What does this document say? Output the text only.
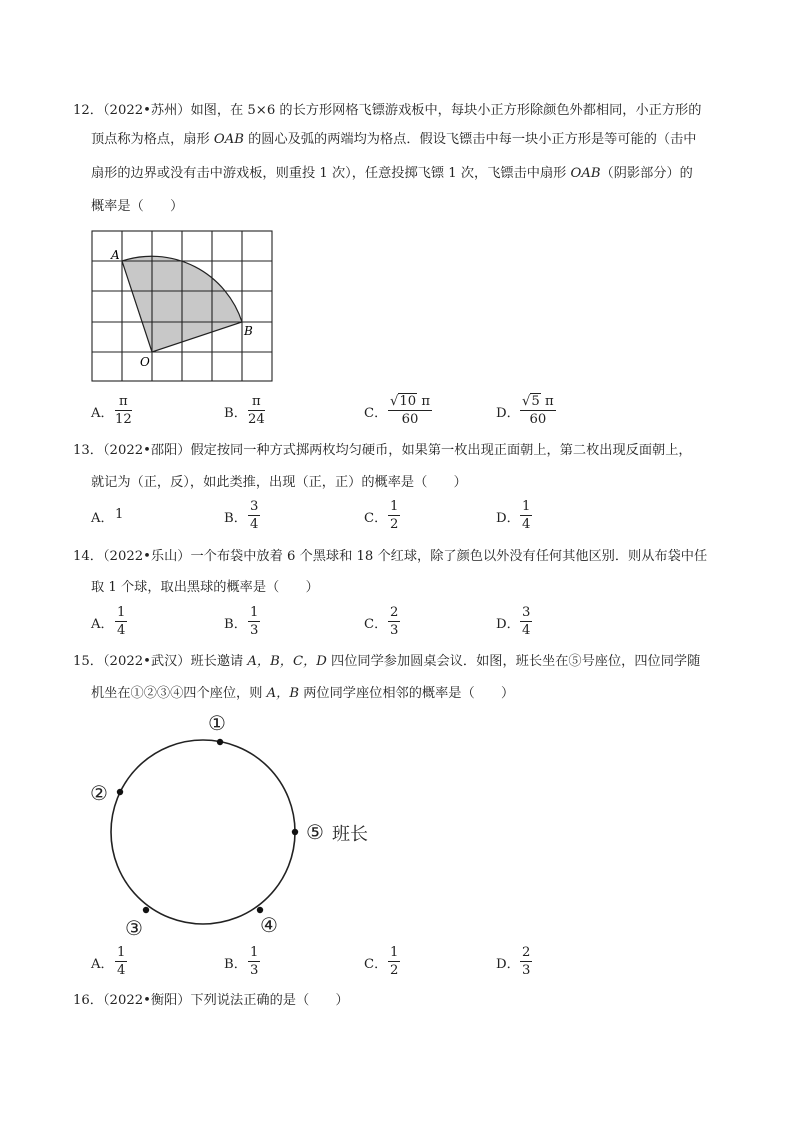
12．（2022•苏州）如图，在 5×6 的长方形网格飞镖游戏板中，每块小正方形除颜色外都相同，小正方形的
顶点称为格点，扇形 OAB 的圆心及弧的两端均为格点．假设飞镖击中每一块小正方形是等可能的（击中
扇形的边界或没有击中游戏板，则重投 1 次），任意投掷飞镖 1 次，飞镖击中扇形 OAB（阴影部分）的
概率是（　　）
A
B
O
A． $\frac{\pi}{12}$	B． $\frac{\pi}{24}$	C． $\frac{√10 \pi}{60}$	D． $\frac{√5 \pi}{60}$
13．（2022•邵阳）假定按同一种方式掷两枚均匀硬币，如果第一枚出现正面朝上，第二枚出现反面朝上，
就记为（正，反），如此类推，出现（正，正）的概率是（　　）
A． 1	B． $\frac{3}{4}$	C． $\frac{1}{2}$	D． $\frac{1}{4}$
14．（2022•乐山）一个布袋中放着 6 个黑球和 18 个红球，除了颜色以外没有任何其他区别．则从布袋中任
取 1 个球，取出黑球的概率是（　　）
A． $\frac{1}{4}$	B． $\frac{1}{3}$	C． $\frac{2}{3}$	D． $\frac{3}{4}$
15．（2022•武汉）班长邀请 A，B，C，D 四位同学参加圆桌会议．如图，班长坐在⑤号座位，四位同学随
机坐在①②③④四个座位，则 A，B 两位同学座位相邻的概率是（　　）
①
②
③	④
⑤ 班长
A． $\frac{1}{4}$	B． $\frac{1}{3}$	C． $\frac{1}{2}$	D． $\frac{2}{3}$
16．（2022•衡阳）下列说法正确的是（　　）
